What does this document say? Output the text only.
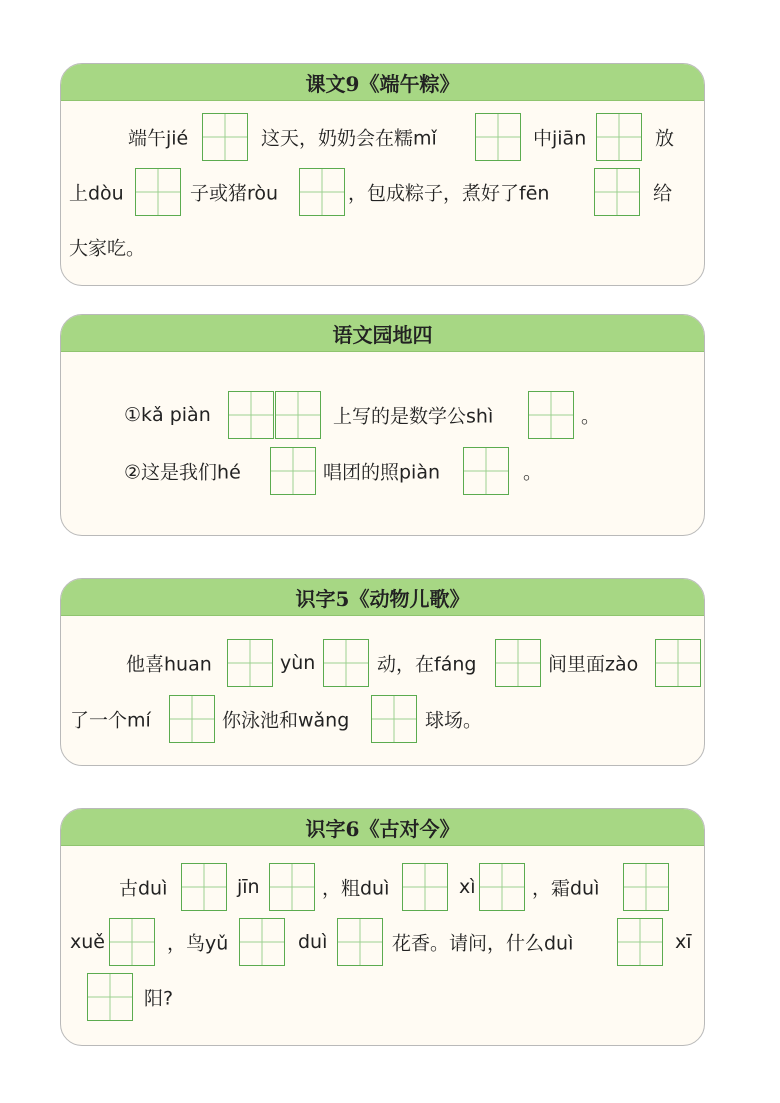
课文9《端午粽》
端午jié	这天，奶奶会在糯mǐ	中jiān	放
上dòu	子或猪ròu	，包成粽子，煮好了fēn	给
大家吃。
语文园地四
①kǎ piàn	上写的是数学公shì	。
②这是我们hé	唱团的照piàn	。
识字5《动物儿歌》
他喜huan	yùn	动，在fáng	间里面zào
了一个mí	你泳池和wǎng	球场。
识字6《古对今》
古duì	jīn	，粗duì	xì	，霜duì
xuě	，鸟yǔ	duì	花香。请问，什么duì	xī
阳?
